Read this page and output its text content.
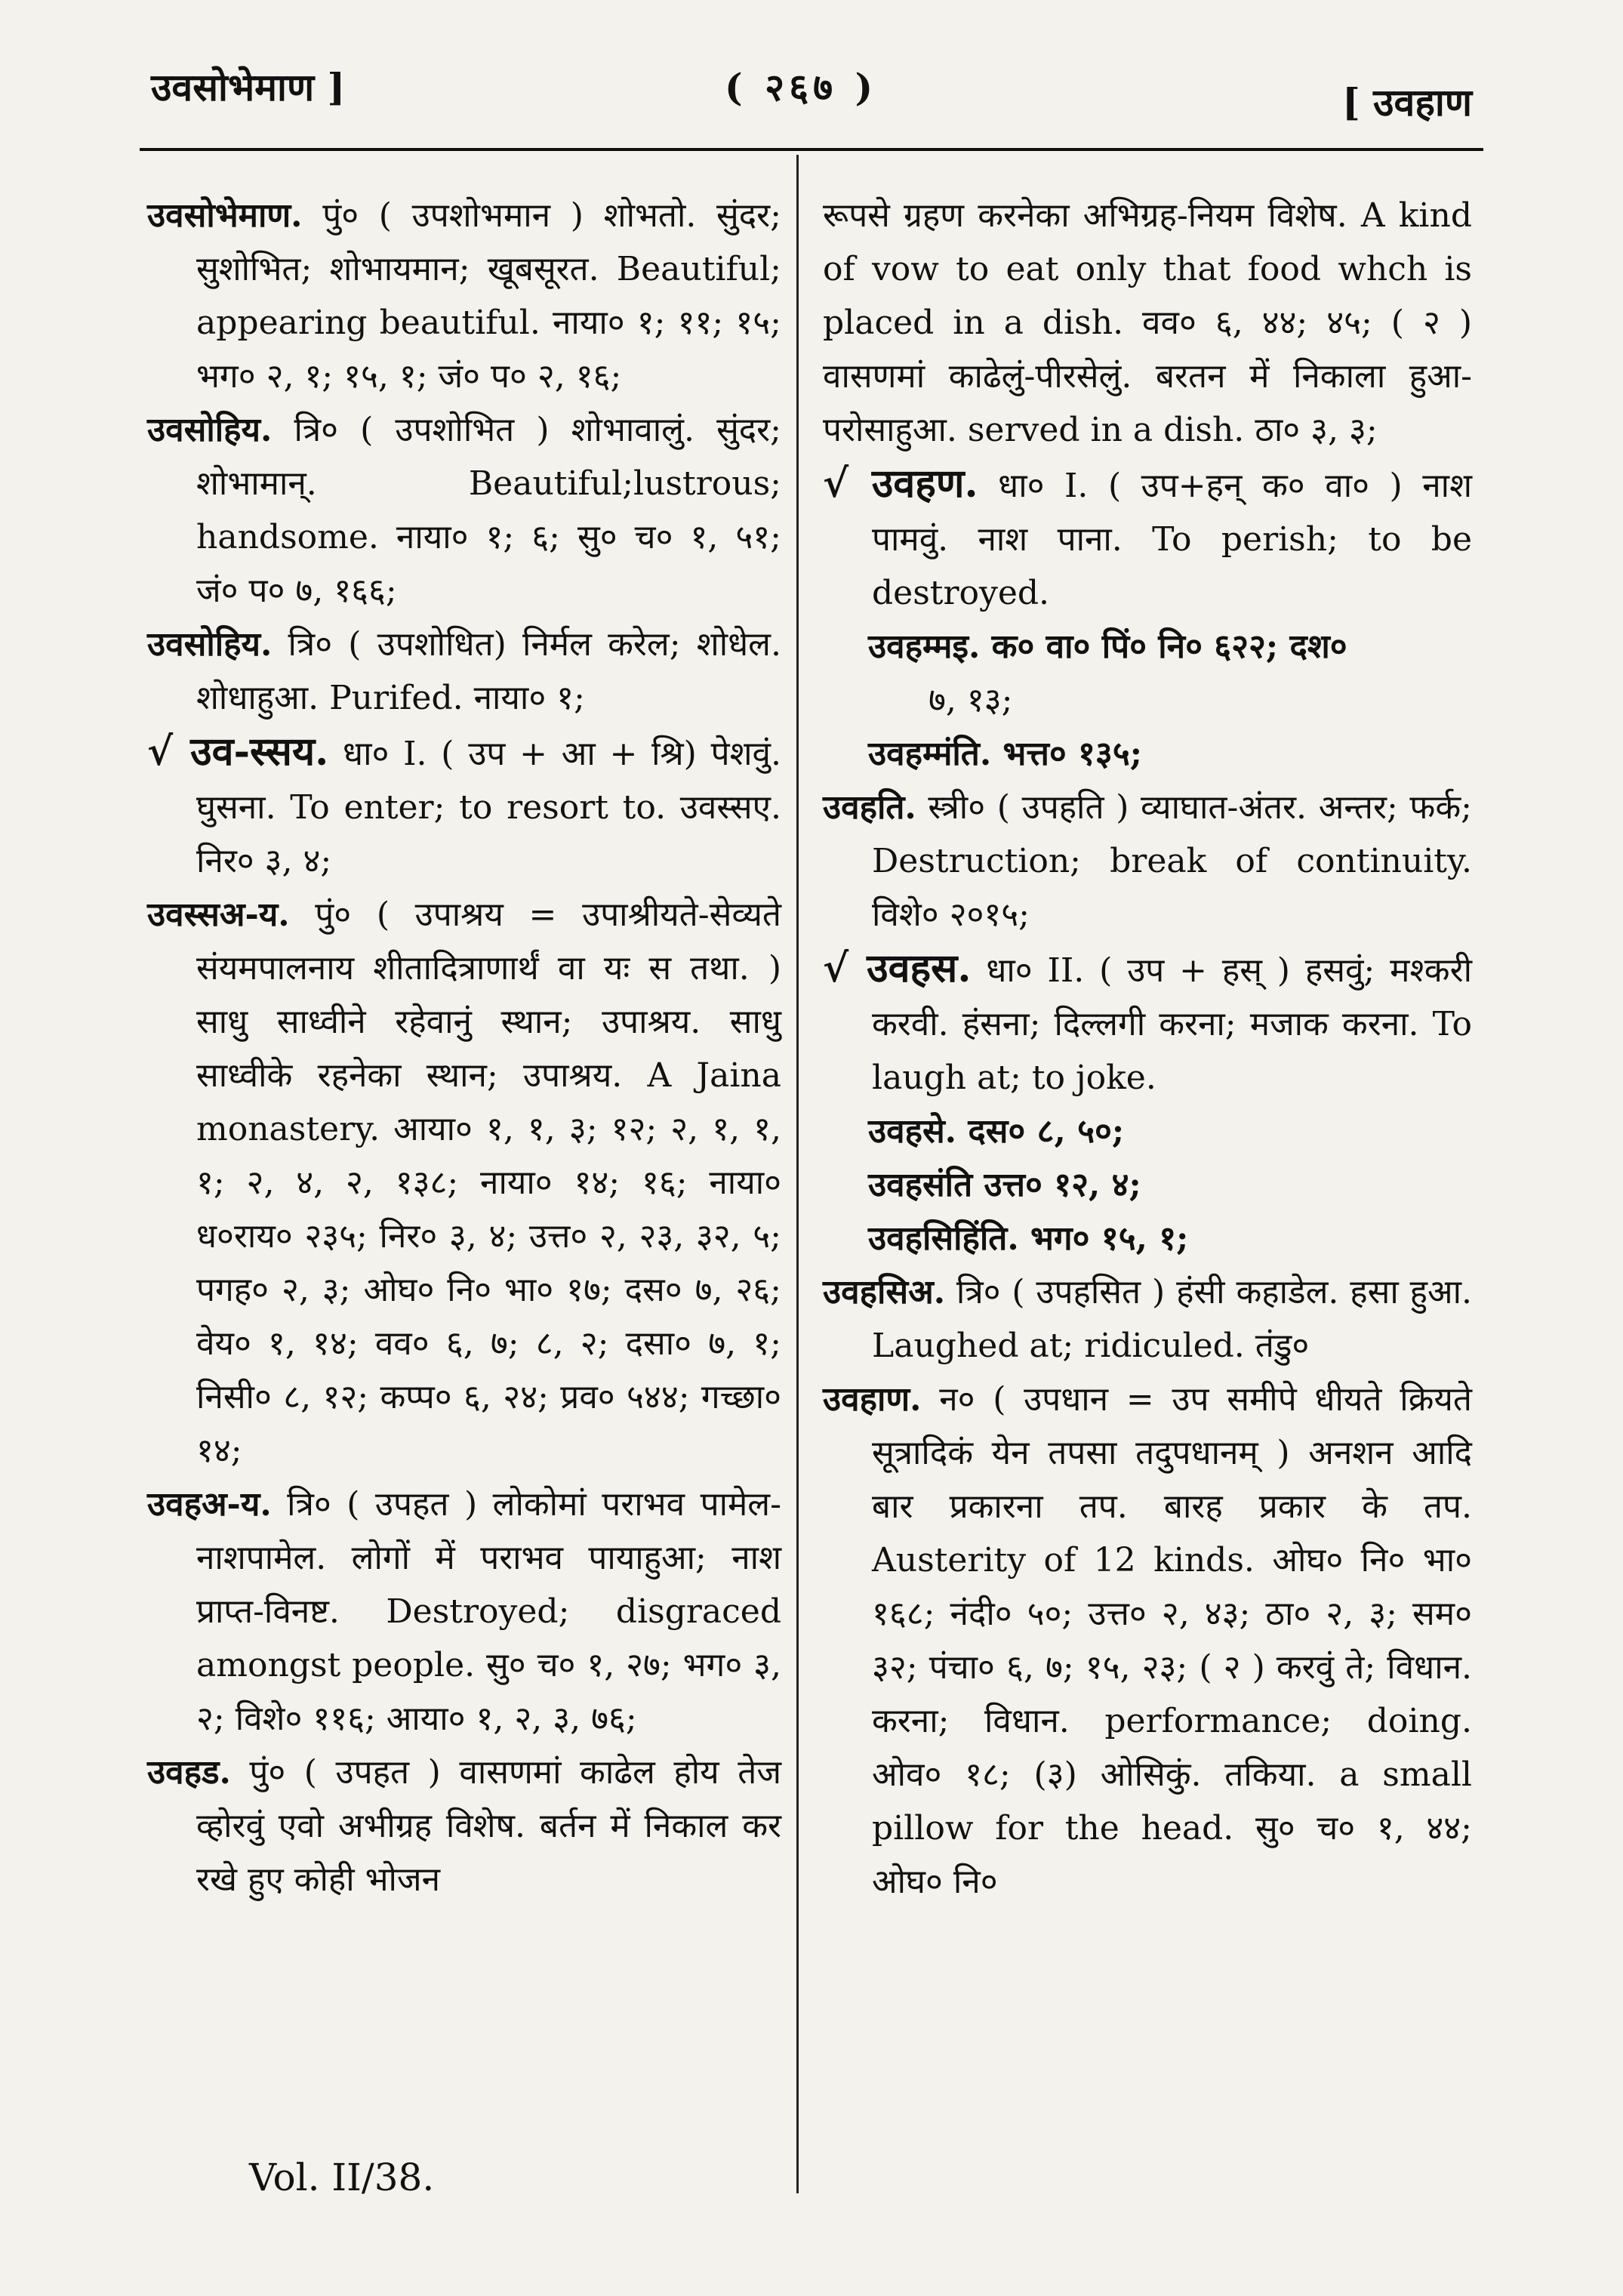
उवसोभेमाण ]	( २६७ )	[ उवहाण
उवसोभेमाण. पुं० ( उपशोभमान ) शोभतो. सुंदर; सुशोभित; शोभायमान; खूबसूरत. Beautiful; appearing beautiful. नाया० १; ११; १५; भग० २, १; १५, १; जं० प० २, १६;
उवसोहिय. त्रि० ( उपशोभित ) शोभावालुं. सुंदर; शोभामान्. Beautiful;lustrous; handsome. नाया० १; ६; सु० च० १, ५१; जं० प० ७, १६६;
उवसोहिय. त्रि० ( उपशोधित) निर्मल करेल; शोधेल. शोधाहुआ. Purifed. नाया० १;
√ उव-स्सय. धा० I. ( उप + आ + श्रि) पेशवुं. घुसना. To enter; to resort to. उवस्सए. निर० ३, ४;
उवस्सअ-य. पुं० ( उपाश्रय = उपाश्रीयते-सेव्यते संयमपालनाय शीतादित्राणार्थं वा यः स तथा. ) साधु साध्वीने रहेवानुं स्थान; उपाश्रय. साधु साध्वीके रहनेका स्थान; उपाश्रय. A Jaina monastery. आया० १, १, ३; १२; २, १, १, १; २, ४, २, १३८; नाया० १४; १६; नाया० ध०राय० २३५; निर० ३, ४; उत्त० २, २३, ३२, ५; पगह० २, ३; ओघ० नि० भा० १७; दस० ७, २६; वेय० १, १४; वव० ६, ७; ८, २; दसा० ७, १; निसी० ८, १२; कप्प० ६, २४; प्रव० ५४४; गच्छा० १४;
उवहअ-य. त्रि० ( उपहत ) लोकोमां पराभव पामेल-नाशपामेल. लोगों में पराभव पायाहुआ; नाश प्राप्त-विनष्ट. Destroyed; disgraced amongst people. सु० च० १, २७; भग० ३, २; विशे० ११६; आया० १, २, ३, ७६;
उवहड. पुं० ( उपहत ) वासणमां काढेल होय तेज व्होरवुं एवो अभीग्रह विशेष. बर्तन में निकाल कर रखे हुए कोही भोजन
रूपसे ग्रहण करनेका अभिग्रह-नियम विशेष. A kind of vow to eat only that food whch is placed in a dish. वव० ६, ४४; ४५; ( २ ) वासणमां काढेलुं-पीरसेलुं. बरतन में निकाला हुआ-परोसाहुआ. served in a dish. ठा० ३, ३;
√ उवहण. धा० I. ( उप+हन् क० वा० ) नाश पामवुं. नाश पाना. To perish; to be destroyed.
उवहम्मइ. क० वा० पिं० नि० ६२२; दश०
७, १३;
उवहम्मंति. भत्त० १३५;
उवहति. स्त्री० ( उपहति ) व्याघात-अंतर. अन्तर; फर्क; Destruction; break of continuity. विशे० २०१५;
√ उवहस. धा० II. ( उप + हस् ) हसवुं; मश्करी करवी. हंसना; दिल्लगी करना; मजाक करना. To laugh at; to joke.
उवहसे. दस० ८, ५०;
उवहसंति उत्त० १२, ४;
उवहसिहिंति. भग० १५, १;
उवहसिअ. त्रि० ( उपहसित ) हंसी कहाडेल. हसा हुआ. Laughed at; ridiculed. तंडु०
उवहाण. न० ( उपधान = उप समीपे धीयते क्रियते सूत्रादिकं येन तपसा तदुपधानम् ) अनशन आदि बार प्रकारना तप. बारह प्रकार के तप. Austerity of 12 kinds. ओघ० नि० भा० १६८; नंदी० ५०; उत्त० २, ४३; ठा० २, ३; सम० ३२; पंचा० ६, ७; १५, २३; ( २ ) करवुं ते; विधान. करना; विधान. performance; doing. ओव० १८; (३) ओसिकुं. तकिया. a small pillow for the head. सु० च० १, ४४; ओघ० नि०
Vol. II/38.
